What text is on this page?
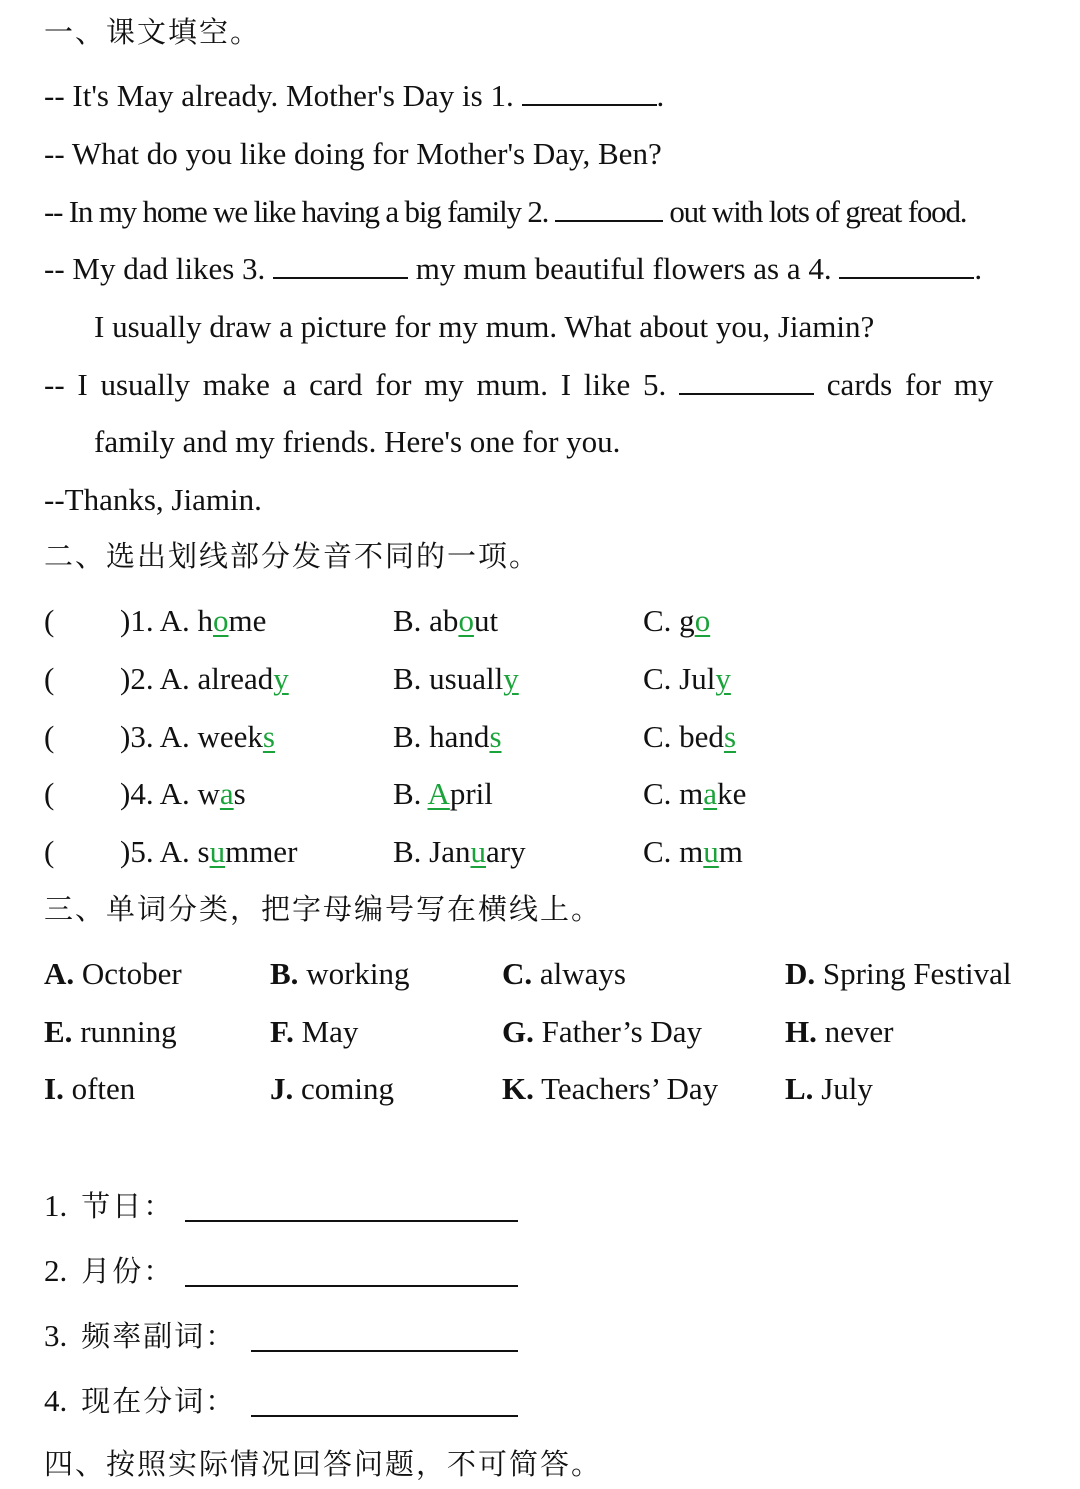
一、课文填空。
-- It's May already. Mother's Day is 1.	.
-- What do you like doing for Mother's Day, Ben?
-- In my home we like having a big family 2.	out with lots of great food.
-- My dad likes 3.	my mum beautiful flowers as a 4.	.
I usually draw a picture for my mum. What about you, Jiamin?
-- I usually make a card for my mum. I like 5.	cards for my
family and my friends. Here's one for you.
--Thanks, Jiamin.
二、选出划线部分发音不同的一项。
( )1. A. home	B. about	C. go
( )2. A. already	B. usually	C. July
( )3. A. weeks	B. hands	C. beds
( )4. A. was	B. April	C. make
( )5. A. summer	B. January	C. mum
三、单词分类，把字母编号写在横线上。
A. October	B. working	C. always	D. Spring Festival
E. running	F. May	G. Father’s Day	H. never
I. often	J. coming	K. Teachers’ Day L. July
1. 节日：
2. 月份：
3. 频率副词：
4. 现在分词：
四、按照实际情况回答问题，不可简答。
